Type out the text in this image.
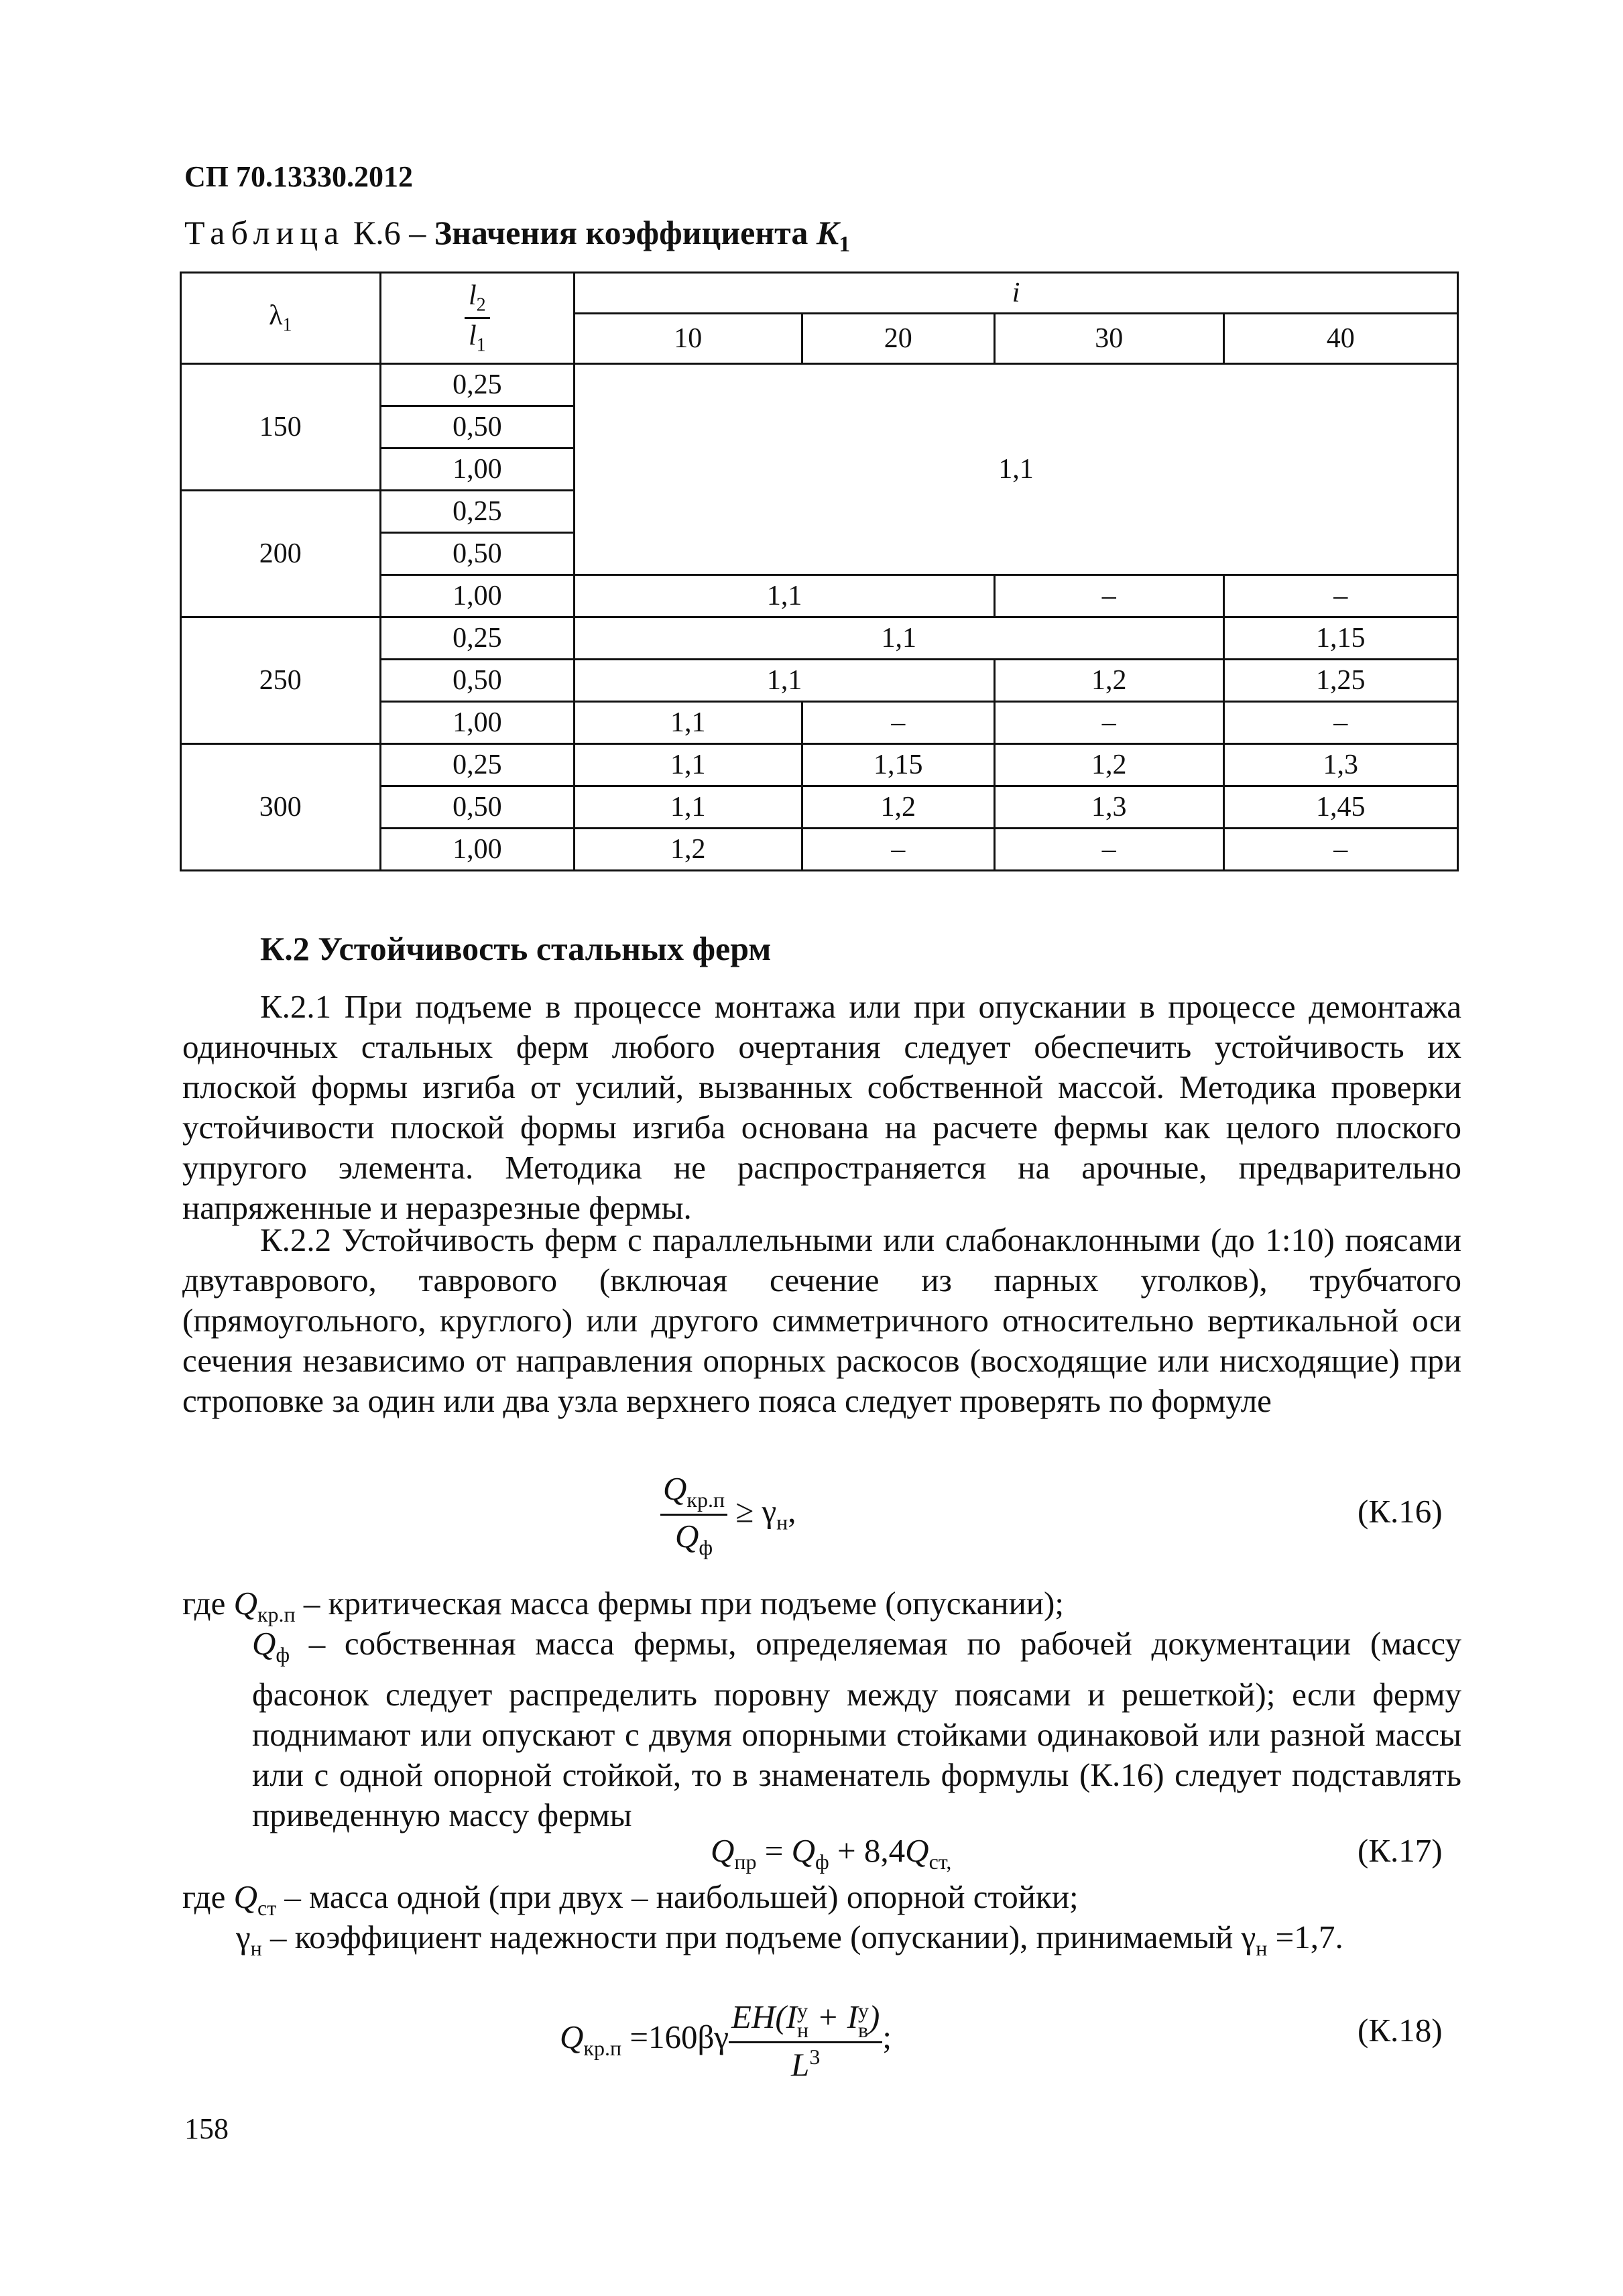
СП 70.13330.2012
Таблица К.6 – Значения коэффициента $K_1$
$\lambda_1$	$\frac{l_2}{l_1}$	i			
		10	20	30	40
150	0,25	1,1			
	0,50				
	1,00				
200	0,25				
	0,50				
	1,00	1,1		–	–
250	0,25	1,1			1,15
	0,50	1,1		1,2	1,25
	1,00	1,1	–	–	–
300	0,25	1,1	1,15	1,2	1,3
	0,50	1,1	1,2	1,3	1,45
	1,00	1,2	–	–	–
К.2 Устойчивость стальных ферм
К.2.1 При подъеме в процессе монтажа или при опускании в процессе демонтажа одиночных стальных ферм любого очертания следует обеспечить устойчивость их плоской формы изгиба от усилий, вызванных собственной массой. Методика проверки устойчивости плоской формы изгиба основана на расчете фермы как целого плоского упругого элемента. Методика не распространяется на арочные, предварительно напряженные и неразрезные фермы.
К.2.2 Устойчивость ферм с параллельными или слабонаклонными (до 1:10) поясами двутаврового, таврового (включая сечение из парных уголков), трубчатого (прямоугольного, круглого) или другого симметричного относительно вертикальной оси сечения независимо от направления опорных раскосов (восходящие или нисходящие) при строповке за один или два узла верхнего пояса следует проверять по формуле
$Q_{кр.п}$
$Q_ф$
≥ $\gamma_н$,	(К.16)
где $Q_{кр.п}$ – критическая масса фермы при подъеме (опускании);
$Q_ф$ – собственная масса фермы, определяемая по рабочей документации (массу фасонок следует распределить поровну между поясами и решеткой); если ферму поднимают или опускают с двумя опорными стойками одинаковой или разной массы или с одной опорной стойкой, то в знаменатель формулы (К.16) следует подставлять приведенную массу фермы
$Q_{пр} = Q_ф + 8,4Q_{ст,}$	(К.17)
где $Q_{ст}$ – масса одной (при двух – наибольшей) опорной стойки;
$\gamma_н$ – коэффициент надежности при подъеме (опускании), принимаемый $\gamma_н =1,7$.
$Q_{кр.п} =160\beta\gamma$
EH(I y
н + I y
в )
$L^3$
;	(К.18)
158
